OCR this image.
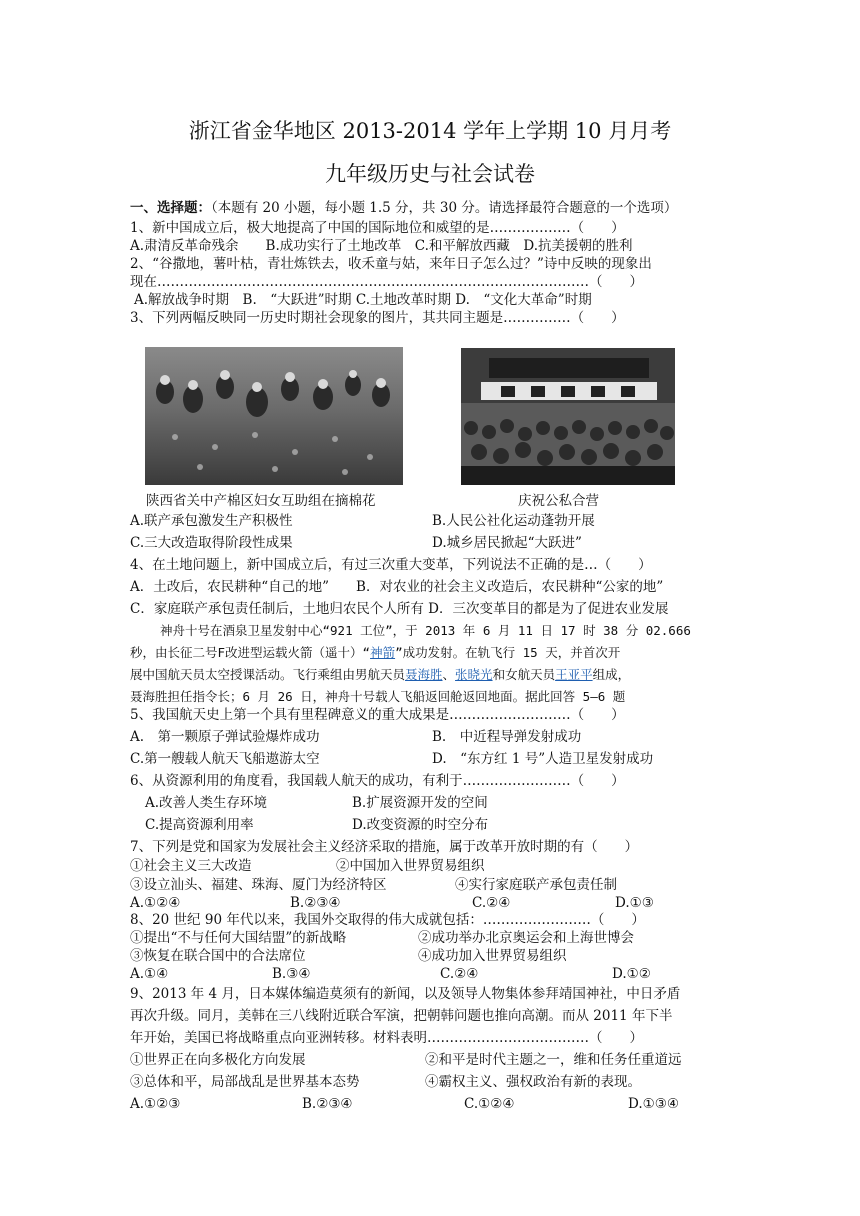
浙江省金华地区 2013-2014 学年上学期 10 月月考
九年级历史与社会试卷
一、选择题：（本题有 20 小题，每小题 1.5 分，共 30 分。请选择最符合题意的一个选项）
1、新中国成立后，极大地提高了中国的国际地位和威望的是………………（　　）
A.肃清反革命残余　　B.成功实行了土地改革　C.和平解放西藏　D.抗美援朝的胜利
2、“谷撒地，薯叶枯，青壮炼铁去，收禾童与姑，来年日子怎么过？”诗中反映的现象出
现在……………………………………………………………………………………（　　）
A.解放战争时期　B.　“大跃进”时期 C.土地改革时期 D.　“文化大革命”时期
3、下列两幅反映同一历史时期社会现象的图片，其共同主题是……………（　　）
陕西省关中产棉区妇女互助组在摘棉花	庆祝公私合营
A.联产承包激发生产积极性	B.人民公社化运动蓬勃开展
C.三大改造取得阶段性成果	D.城乡居民掀起“大跃进”
4、在土地问题上，新中国成立后，有过三次重大变革，下列说法不正确的是…（　　）
A．土改后，农民耕种“自己的地”　　B．对农业的社会主义改造后，农民耕种“公家的地”
C．家庭联产承包责任制后，土地归农民个人所有 D．三次变革目的都是为了促进农业发展
神舟十号在酒泉卫星发射中心“921 工位”，于 2013 年 6 月 11 日 17 时 38 分 02.666
秒，由长征二号F改进型运载火箭（遥十）“神箭”成功发射。在轨飞行 15 天，并首次开
展中国航天员太空授课活动。飞行乘组由男航天员聂海胜、张晓光和女航天员王亚平组成，
聂海胜担任指令长；6 月 26 日，神舟十号载人飞船返回舱返回地面。据此回答 5—6 题
5、我国航天史上第一个具有里程碑意义的重大成果是………………………（　　）
A.　第一颗原子弹试验爆炸成功	B.　中近程导弹发射成功
C.第一艘载人航天飞船遨游太空	D.　“东方红 1 号”人造卫星发射成功
6、从资源利用的角度看，我国载人航天的成功，有利于……………………（　　）
A.改善人类生存环境	B.扩展资源开发的空间
C.提高资源利用率	D.改变资源的时空分布
7、下列是党和国家为发展社会主义经济采取的措施，属于改革开放时期的有（　　）
①社会主义三大改造	②中国加入世界贸易组织
③设立汕头、福建、珠海、厦门为经济特区	④实行家庭联产承包责任制
A.①②④	B.②③④	C.②④	D.①③
8、20 世纪 90 年代以来，我国外交取得的伟大成就包括：……………………（　　）
①提出“不与任何大国结盟”的新战略	②成功举办北京奥运会和上海世博会
③恢复在联合国中的合法席位	④成功加入世界贸易组织
A.①④	B.③④	C.②④	D.①②
9、2013 年 4 月，日本媒体编造莫须有的新闻，以及领导人物集体参拜靖国神社，中日矛盾
再次升级。同月，美韩在三八线附近联合军演，把朝韩问题也推向高潮。而从 2011 年下半
年开始，美国已将战略重点向亚洲转移。材料表明………………………………（　　）
①世界正在向多极化方向发展	②和平是时代主题之一，维和任务任重道远
③总体和平，局部战乱是世界基本态势	④霸权主义、强权政治有新的表现。
A.①②③	B.②③④	C.①②④	D.①③④
